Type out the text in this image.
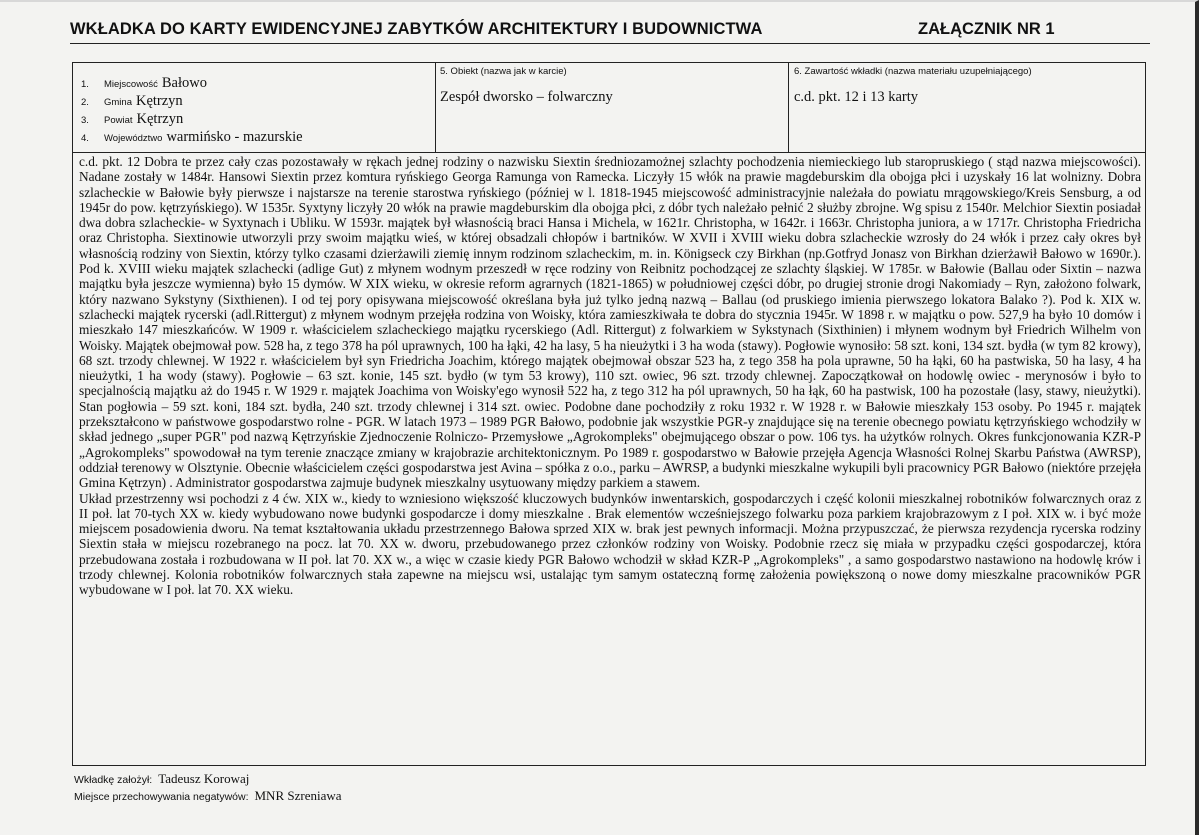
WKŁADKA DO KARTY EWIDENCYJNEJ ZABYTKÓW ARCHITEKTURY I BUDOWNICTWA	ZAŁĄCZNIK NR 1
1.	Miejscowość Bałowo
2.	Gmina Kętrzyn
3.	Powiat Kętrzyn
4.	Województwo warmińsko - mazurskie
5. Obiekt (nazwa jak w karcie)
Zespół dworsko – folwarczny
6. Zawartość wkładki (nazwa materiału uzupełniającego)
c.d. pkt. 12 i 13 karty

c.d. pkt. 12 Dobra te przez cały czas pozostawały w rękach jednej rodziny o nazwisku Siextin średniozamożnej szlachty pochodzenia niemieckiego lub staropruskiego ( stąd nazwa miejscowości). Nadane zostały w 1484r. Hansowi Siextin przez komtura ryńskiego Georga Ramunga von Ramecka. Liczyły 15 włók na prawie magdeburskim dla obojga płci i uzyskały 16 lat wolnizny. Dobra szlacheckie w Bałowie były pierwsze i najstarsze na terenie starostwa ryńskiego (później w l. 1818-1945 miejscowość administracyjnie należała do powiatu mrągowskiego/Kreis Sensburg, a od 1945r do pow. kętrzyńskiego). W 1535r. Syxtyny liczyły 20 włók na prawie magdeburskim dla obojga płci, z dóbr tych należało pełnić 2 służby zbrojne. Wg spisu z 1540r. Melchior Siextin posiadał dwa dobra szlacheckie- w Syxtynach i Ubliku. W 1593r. majątek był własnością braci Hansa i Michela, w 1621r. Christopha, w 1642r. i 1663r. Christopha juniora, a w 1717r. Christopha Friedricha oraz Christopha. Siextinowie utworzyli przy swoim majątku wieś, w której obsadzali chłopów i bartników. W XVII i XVIII wieku dobra szlacheckie wzrosły do 24 włók i przez cały okres był własnością rodziny von Siextin, którzy tylko czasami dzierżawili ziemię innym rodzinom szlacheckim, m. in. Königseck czy Birkhan (np.Gotfryd Jonasz von Birkhan dzierżawił Bałowo w 1690r.). Pod k. XVIII wieku majątek szlachecki (adlige Gut) z młynem wodnym przeszedł w ręce rodziny von Reibnitz pochodzącej ze szlachty śląskiej. W 1785r. w Bałowie (Ballau oder Sixtin – nazwa majątku była jeszcze wymienna) było 15 dymów. W XIX wieku, w okresie reform agrarnych (1821-1865) w południowej części dóbr, po drugiej stronie drogi Nakomiady – Ryn, założono folwark, który nazwano Sykstyny (Sixthienen). I od tej pory opisywana miejscowość określana była już tylko jedną nazwą – Ballau (od pruskiego imienia pierwszego lokatora Balako ?). Pod k. XIX w. szlachecki majątek rycerski (adl.Rittergut) z młynem wodnym przejęła rodzina von Woisky, która zamieszkiwała te dobra do stycznia 1945r. W 1898 r. w majątku o pow. 527,9 ha było 10 domów i mieszkało 147 mieszkańców. W 1909 r. właścicielem szlacheckiego majątku rycerskiego (Adl. Rittergut) z folwarkiem w Sykstynach (Sixthinien) i młynem wodnym był Friedrich Wilhelm von Woisky. Majątek obejmował pow. 528 ha, z tego 378 ha pól uprawnych, 100 ha łąki, 42 ha lasy, 5 ha nieużytki i 3 ha woda (stawy). Pogłowie wynosiło: 58 szt. koni, 134 szt. bydła (w tym 82 krowy), 68 szt. trzody chlewnej. W 1922 r. właścicielem był syn Friedricha Joachim, którego majątek obejmował obszar 523 ha, z tego 358 ha pola uprawne, 50 ha łąki, 60 ha pastwiska, 50 ha lasy, 4 ha nieużytki, 1 ha wody (stawy). Pogłowie – 63 szt. konie, 145 szt. bydło (w tym 53 krowy), 110 szt. owiec, 96 szt. trzody chlewnej. Zapoczątkował on hodowlę owiec - merynosów i było to specjalnością majątku aż do 1945 r. W 1929 r. majątek Joachima von Woisky'ego wynosił 522 ha, z tego 312 ha pól uprawnych, 50 ha łąk, 60 ha pastwisk, 100 ha pozostałe (lasy, stawy, nieużytki). Stan pogłowia – 59 szt. koni, 184 szt. bydła, 240 szt. trzody chlewnej i 314 szt. owiec. Podobne dane pochodziły z roku 1932 r. W 1928 r. w Bałowie mieszkały 153 osoby. Po 1945 r. majątek przekształcono w państwowe gospodarstwo rolne - PGR. W latach 1973 – 1989 PGR Bałowo, podobnie jak wszystkie PGR-y znajdujące się na terenie obecnego powiatu kętrzyńskiego wchodziły w skład jednego „super PGR" pod nazwą Kętrzyńskie Zjednoczenie Rolniczo- Przemysłowe „Agrokompleks" obejmującego obszar o pow. 106 tys. ha użytków rolnych. Okres funkcjonowania KZR-P „Agrokompleks" spowodował na tym terenie znaczące zmiany w krajobrazie architektonicznym. Po 1989 r. gospodarstwo w Bałowie przejęła Agencja Własności Rolnej Skarbu Państwa (AWRSP), oddział terenowy w Olsztynie. Obecnie właścicielem części gospodarstwa jest Avina – spółka z o.o., parku – AWRSP, a budynki mieszkalne wykupili byli pracownicy PGR Bałowo (niektóre przejęła Gmina Kętrzyn) . Administrator gospodarstwa zajmuje budynek mieszkalny usytuowany między parkiem a stawem.

Układ przestrzenny wsi pochodzi z 4 ćw. XIX w., kiedy to wzniesiono większość kluczowych budynków inwentarskich, gospodarczych i część kolonii mieszkalnej robotników folwarcznych oraz z II poł. lat 70-tych XX w. kiedy wybudowano nowe budynki gospodarcze i domy mieszkalne . Brak elementów wcześniejszego folwarku poza parkiem krajobrazowym z I poł. XIX w. i być może miejscem posadowienia dworu. Na temat kształtowania układu przestrzennego Bałowa sprzed XIX w. brak jest pewnych informacji. Można przypuszczać, że pierwsza rezydencja rycerska rodziny Siextin stała w miejscu rozebranego na pocz. lat 70. XX w. dworu, przebudowanego przez członków rodziny von Woisky. Podobnie rzecz się miała w przypadku części gospodarczej, która przebudowana została i rozbudowana w II poł. lat 70. XX w., a więc w czasie kiedy PGR Bałowo wchodził w skład KZR-P „Agrokompleks" , a samo gospodarstwo nastawiono na hodowlę krów i trzody chlewnej. Kolonia robotników folwarcznych stała zapewne na miejscu wsi, ustalając tym samym ostateczną formę założenia powiększoną o nowe domy mieszkalne pracowników PGR wybudowane w I poł. lat 70. XX wieku.

Wkładkę założył: Tadeusz Korowaj
Miejsce przechowywania negatywów: MNR Szreniawa
